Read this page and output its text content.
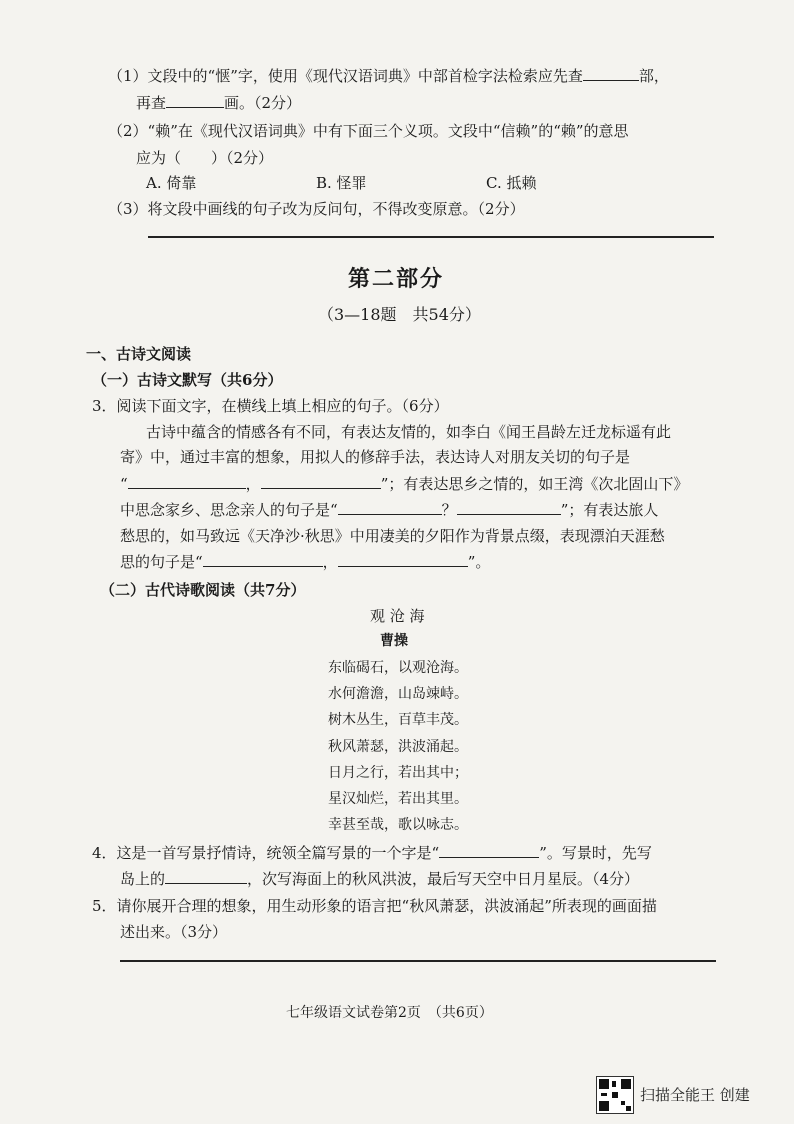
（1）文段中的“惬”字，使用《现代汉语词典》中部首检字法检索应先查	部，
再查	画。（2分）
（2）“赖”在《现代汉语词典》中有下面三个义项。文段中“信赖”的“赖”的意思
应为（　　）（2分）
A. 倚靠	B. 怪罪	C. 抵赖
（3）将文段中画线的句子改为反问句，不得改变原意。（2分）
第二部分
（3—18题　共54分）
一、古诗文阅读
（一）古诗文默写（共6分）
3．阅读下面文字，在横线上填上相应的句子。（6分）
古诗中蕴含的情感各有不同，有表达友情的，如李白《闻王昌龄左迁龙标遥有此
寄》中，通过丰富的想象，用拟人的修辞手法，表达诗人对朋友关切的句子是
“	，	”；有表达思乡之情的，如王湾《次北固山下》
中思念家乡、思念亲人的句子是“	？	”；有表达旅人
愁思的，如马致远《天净沙·秋思》中用凄美的夕阳作为背景点缀，表现漂泊天涯愁
思的句子是“	，	”。
（二）古代诗歌阅读（共7分）
观 沧 海
曹操
东临碣石，以观沧海。
水何澹澹，山岛竦峙。
树木丛生，百草丰茂。
秋风萧瑟，洪波涌起。
日月之行，若出其中；
星汉灿烂，若出其里。
幸甚至哉，歌以咏志。
4．这是一首写景抒情诗，统领全篇写景的一个字是“	”。写景时，先写
岛上的	，次写海面上的秋风洪波，最后写天空中日月星辰。（4分）
5．请你展开合理的想象，用生动形象的语言把“秋风萧瑟，洪波涌起”所表现的画面描
述出来。（3分）
七年级语文试卷第2页　（共6页）
扫描全能王 创建
